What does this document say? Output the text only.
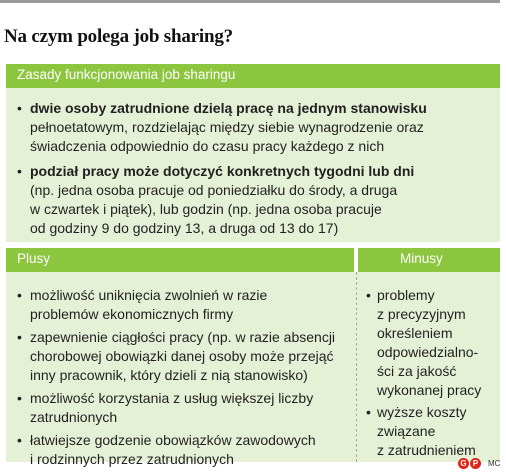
Na czym polega job sharing?
Zasady funkcjonowania job sharingu
• dwie osoby zatrudnione dzielą pracę na jednym stanowisku
pełnoetatowym, rozdzielając między siebie wynagrodzenie oraz
świadczenia odpowiednio do czasu pracy każdego z nich
• podział pracy może dotyczyć konkretnych tygodni lub dni
(np. jedna osoba pracuje od poniedziałku do środy, a druga
w czwartek i piątek), lub godzin (np. jedna osoba pracuje
od godziny 9 do godziny 13, a druga od 13 do 17)
Plusy	Minusy
• możliwość uniknięcia zwolnień w razie
problemów ekonomicznych firmy
• zapewnienie ciągłości pracy (np. w razie absencji
chorobowej obowiązki danej osoby może przejąć
inny pracownik, który dzieli z nią stanowisko)
• możliwość korzystania z usług większej liczby
zatrudnionych
• łatwiejsze godzenie obowiązków zawodowych
i rodzinnych przez zatrudnionych
• problemy
z precyzyjnym
określeniem
odpowiedzialno-
ści za jakość
wykonanej pracy
• wyższe koszty
związane
z zatrudnieniem
G P	MC
